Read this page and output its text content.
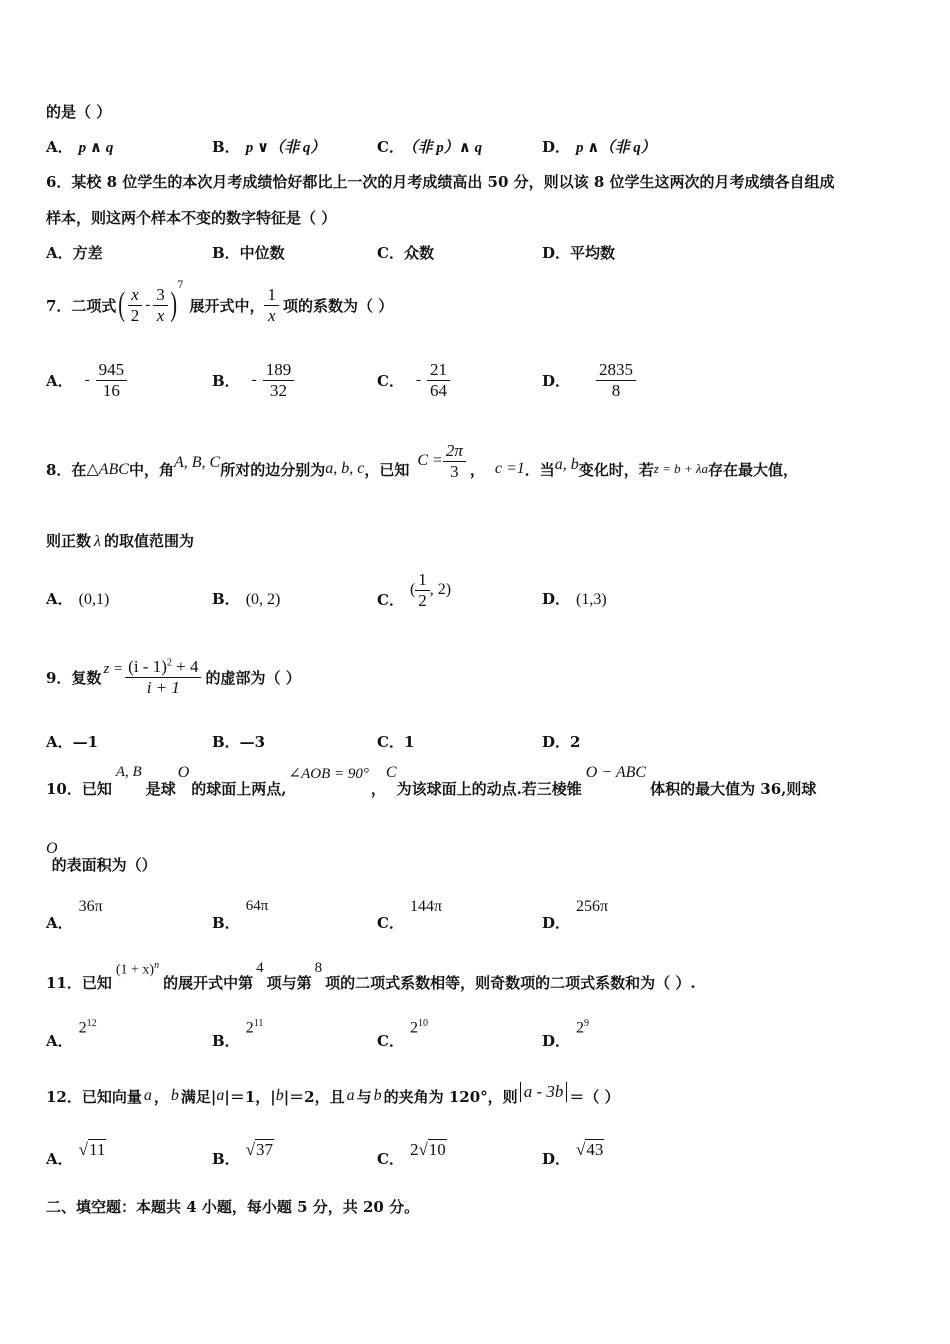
的是（ ）
A． p ∧ q	B． p ∨（非 q）	C． （非 p）∧ q	D． p ∧（非 q）
6．某校 8 位学生的本次月考成绩恰好都比上一次的月考成绩高出 50 分，则以该 8 位学生这两次的月考成绩各自组成
样本，则这两个样本不变的数字特征是（ ）
A．方差	B．中位数	C．众数	D．平均数
7．二项式 ( $\frac{x}{2} - \frac{3}{x}$ )
$^7$
展开式中， $\frac{1}{x}$ 项的系数为（ ）
A． - $\frac{945}{16}$	B． - $\frac{189}{32}$	C． - $\frac{21}{64}$	D． $\frac{2835}{8}$
8．在 △ABC 中，角 A, B, C 所对的边分别为 a, b, c ，已知 $C = \frac{2\pi}{3}$ ， c =1 ．当 a, b 变化时，若 z = b + λa 存在最大值，
则正数 λ 的取值范围为
A． (0,1)	B． (0, 2)	C．
( $\frac{1}{2}$ , 2)
D． (1,3)
9．复数 $z = \frac{(i - 1)^2 + 4}{i + 1}$ 的虚部为（ ）
A．—1	B．—3	C．1	D．2
10．已知
A, B
是球
O
的球面上两点,
∠AOB = 90°
，
C
为该球面上的动点.若三棱锥
O − ABC
体积的最大值为 36,则球
O
的表面积为（）
A．
36π
B．
64π
C．
144π
D．
256π
11．已知
$(1 + x)^n$
的展开式中第
4
项与第
8
项的二项式系数相等，则奇数项的二项式系数和为（ ）.
A．
$2^{12}$
B．
$2^{11}$
C．
$2^{10}$
D．
$2^9$
12．已知向量 a ， b 满足| a |＝1，| b |＝2，且 a 与 b 的夹角为 120°，则 a - 3b ＝（ ）
A． √11	B． √37	C． 2√10	D． √43
二、填空题：本题共 4 小题，每小题 5 分，共 20 分。
